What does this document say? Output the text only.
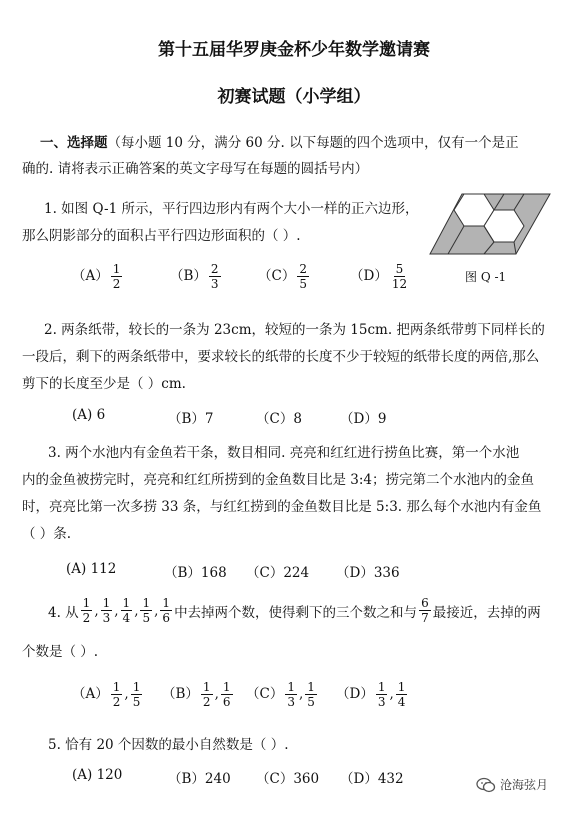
第十五届华罗庚金杯少年数学邀请赛
初赛试题（小学组）
一、选择题（每小题 10 分，满分 60 分. 以下每题的四个选项中，仅有一个是正
确的. 请将表示正确答案的英文字母写在每题的圆括号内）
1. 如图 Q-1 所示，平行四边形内有两个大小一样的正六边形，
那么阴影部分的面积占平行四边形面积的（ ）.
图 Q -1
$(A) \frac{1}{2}$	$(B) \frac{2}{3}$	$(C) \frac{2}{5}$	$(D) \frac{5}{12}$
2. 两条纸带，较长的一条为 23cm，较短的一条为 15cm. 把两条纸带剪下同样长的
一段后，剩下的两条纸带中，要求较长的纸带的长度不少于较短的纸带长度的两倍,那么
剪下的长度至少是（ ）cm.
(A) 6	（B）7	（C）8	（D）9
3. 两个水池内有金鱼若干条，数目相同. 亮亮和红红进行捞鱼比赛，第一个水池
内的金鱼被捞完时，亮亮和红红所捞到的金鱼数目比是 3:4；捞完第二个水池内的金鱼
时，亮亮比第一次多捞 33 条，与红红捞到的金鱼数目比是 5:3. 那么每个水池内有金鱼
（ ）条.
(A) 112	（B）168 （C）224 （D）336
4. 从 $\frac{1}{2}$ , $\frac{1}{3}$ , $\frac{1}{4}$ , $\frac{1}{5}$ , $\frac{1}{6}$ 中去掉两个数，使得剩下的三个数之和与 $\frac{6}{7}$ 最接近，去掉的两
个数是（ ）.
$(A) \frac{1}{2}$ , $\frac{1}{5} (B) \frac{1}{2}$ , $\frac{1}{6} (C) \frac{1}{3}$ , $\frac{1}{5} (D) \frac{1}{3}$ , $\frac{1}{4}$
5. 恰有 20 个因数的最小自然数是（ ）.
(A) 120	（B）240 （C）360 （D）432	沧海弦月
